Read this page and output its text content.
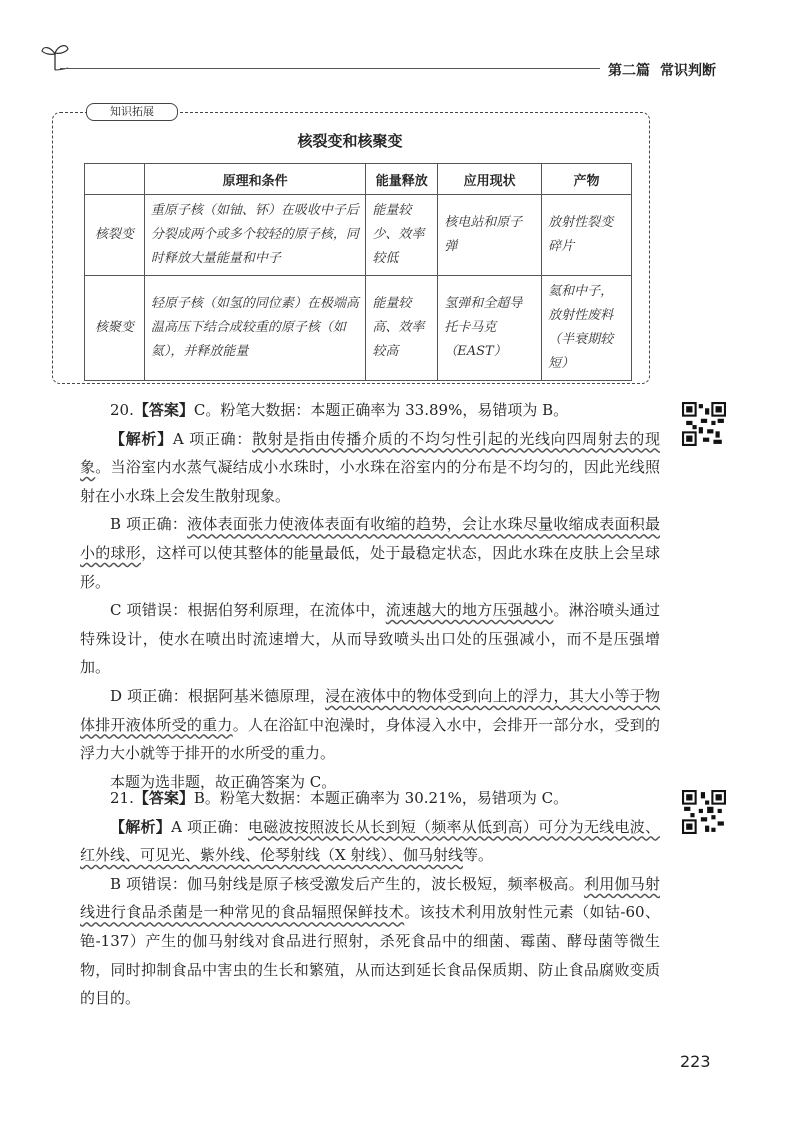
第二篇 常识判断
知识拓展
核裂变和核聚变
	原理和条件	能量释放	应用现状	产物
核裂变	重原子核（如铀、钚）在吸收中子后分裂成两个或多个较轻的原子核，同时释放大量能量和中子	能量较少、效率较低	核电站和原子弹	放射性裂变碎片
核聚变	轻原子核（如氢的同位素）在极端高温高压下结合成较重的原子核（如氦），并释放能量	能量较高、效率较高	氢弹和全超导托卡马克（EAST）	氦和中子，放射性废料（半衰期较短）

20.【答案】C。粉笔大数据：本题正确率为 33.89%，易错项为 B。

【解析】A 项正确：散射是指由传播介质的不均匀性引起的光线向四周射去的现象。当浴室内水蒸气凝结成小水珠时，小水珠在浴室内的分布是不均匀的，因此光线照射在小水珠上会发生散射现象。

B 项正确：液体表面张力使液体表面有收缩的趋势，会让水珠尽量收缩成表面积最小的球形，这样可以使其整体的能量最低，处于最稳定状态，因此水珠在皮肤上会呈球形。

C 项错误：根据伯努利原理，在流体中，流速越大的地方压强越小。淋浴喷头通过特殊设计，使水在喷出时流速增大，从而导致喷头出口处的压强减小，而不是压强增加。

D 项正确：根据阿基米德原理，浸在液体中的物体受到向上的浮力，其大小等于物体排开液体所受的重力。人在浴缸中泡澡时，身体浸入水中，会排开一部分水，受到的浮力大小就等于排开的水所受的重力。

本题为选非题，故正确答案为 C。

21.【答案】B。粉笔大数据：本题正确率为 30.21%，易错项为 C。

【解析】A 项正确：电磁波按照波长从长到短（频率从低到高）可分为无线电波、红外线、可见光、紫外线、伦琴射线（X 射线）、伽马射线等。

B 项错误：伽马射线是原子核受激发后产生的，波长极短，频率极高。利用伽马射线进行食品杀菌是一种常见的食品辐照保鲜技术。该技术利用放射性元素（如钴-60、铯-137）产生的伽马射线对食品进行照射，杀死食品中的细菌、霉菌、酵母菌等微生物，同时抑制食品中害虫的生长和繁殖，从而达到延长食品保质期、防止食品腐败变质的目的。

223
